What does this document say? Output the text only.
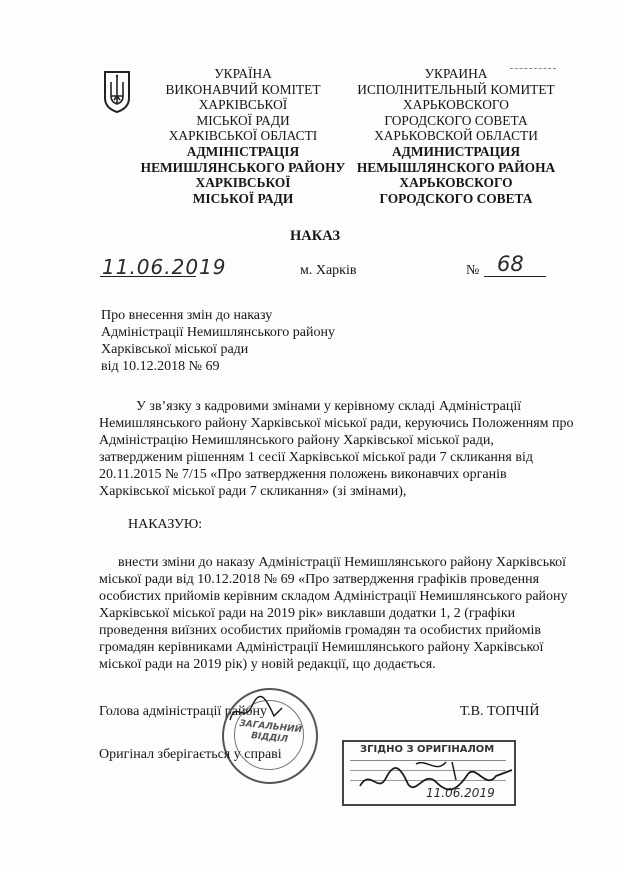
УКРАЇНА
ВИКОНАВЧИЙ КОМІТЕТ
ХАРКІВСЬКОЇ
МІСЬКОЇ РАДИ
ХАРКІВСЬКОЇ ОБЛАСТІ
АДМІНІСТРАЦІЯ
НЕМИШЛЯНСЬКОГО РАЙОНУ
ХАРКІВСЬКОЇ
МІСЬКОЇ РАДИ
УКРАИНА
ИСПОЛНИТЕЛЬНЫЙ КОМИТЕТ
ХАРЬКОВСКОГО
ГОРОДСКОГО СОВЕТА
ХАРЬКОВСКОЙ ОБЛАСТИ
АДМИНИСТРАЦИЯ
НЕМЫШЛЯНСКОГО РАЙОНА
ХАРЬКОВСКОГО
ГОРОДСКОГО СОВЕТА
НАКАЗ
11.06.2019	м. Харків	№ 68
Про внесення змін до наказу
Адміністрації Немишлянського району
Харківської міської ради
від 10.12.2018 № 69
У зв’язку з кадровими змінами у керівному складі Адміністрації
Немишлянського району Харківської міської ради, керуючись Положенням про
Адміністрацію Немишлянського району Харківської міської ради,
затвердженим рішенням 1 сесії Харківської міської ради 7 скликання від
20.11.2015 № 7/15 «Про затвердження положень виконавчих органів
Харківської міської ради 7 скликання» (зі змінами),
НАКАЗУЮ:
внести зміни до наказу Адміністрації Немишлянського району Харківської
міської ради від 10.12.2018 № 69 «Про затвердження графіків проведення
особистих прийомів керівним складом Адміністрації Немишлянського району
Харківської міської ради на 2019 рік» виклавши додатки 1, 2 (графіки
проведення виїзних особистих прийомів громадян та особистих прийомів
громадян керівниками Адміністрації Немишлянського району Харківської
міської ради на 2019 рік) у новій редакції, що додається.
Голова адміністрації району	Т.В. ТОПЧІЙ
ЗАГАЛЬНИЙ ВІДДІЛ
Оригінал зберігається у справі	ЗГІДНО З ОРИГІНАЛОМ
11.06.2019
